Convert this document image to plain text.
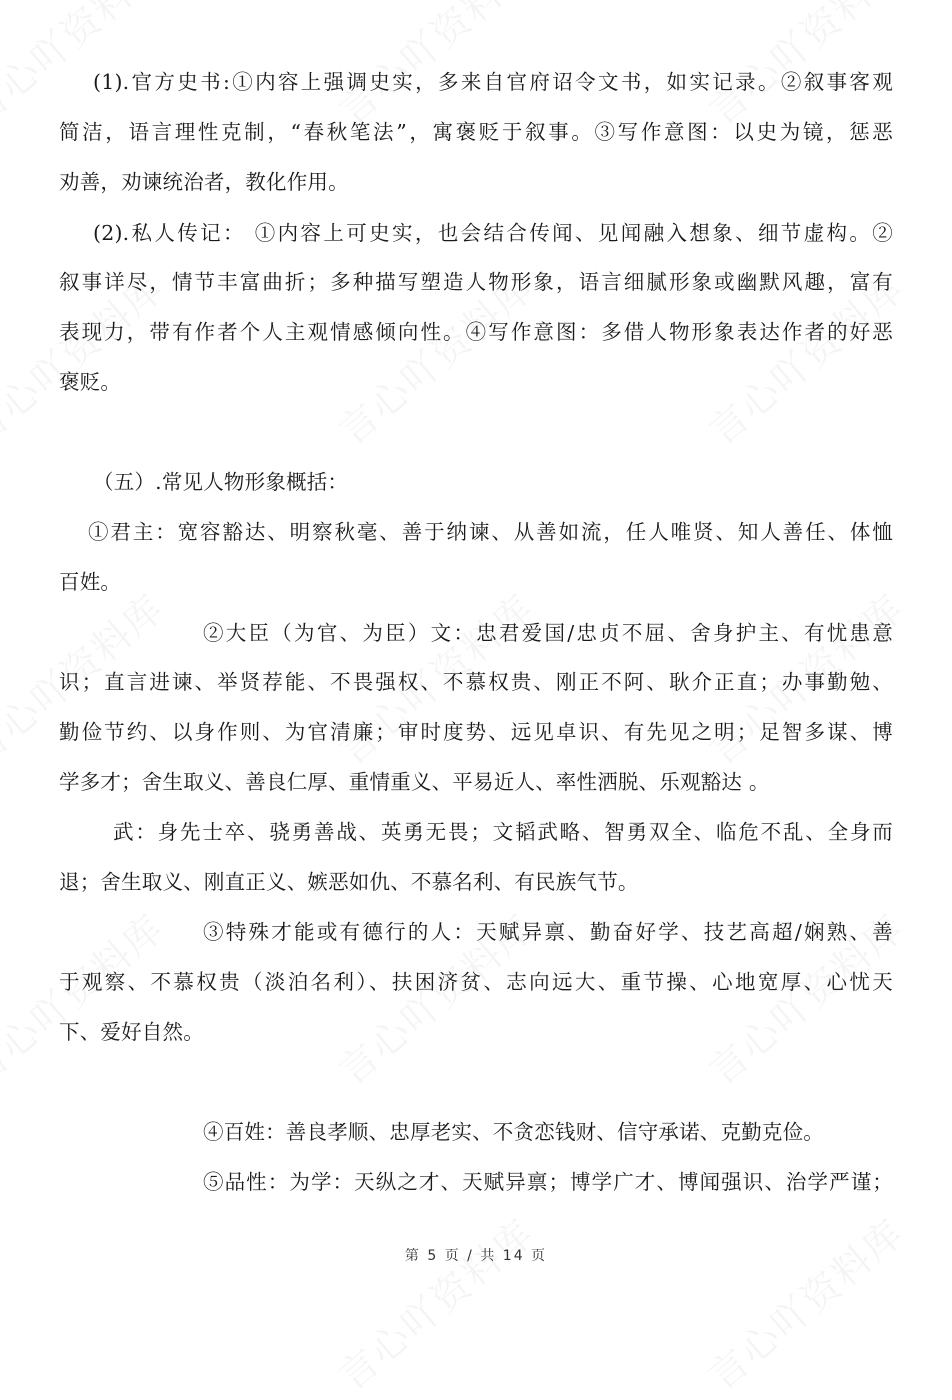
(1).官方史书:①内容上强调史实，多来自官府诏令文书，如实记录。②叙事客观
简洁，语言理性克制，“春秋笔法”，寓褒贬于叙事。③写作意图：以史为镜，惩恶
劝善，劝谏统治者，教化作用。
(2).私人传记： ①内容上可史实，也会结合传闻、见闻融入想象、细节虚构。②
叙事详尽，情节丰富曲折；多种描写塑造人物形象，语言细腻形象或幽默风趣，富有
表现力，带有作者个人主观情感倾向性。④写作意图：多借人物形象表达作者的好恶
褒贬。
（五）.常见人物形象概括：
①君主：宽容豁达、明察秋毫、善于纳谏、从善如流，任人唯贤、知人善任、体恤
百姓。
②大臣（为官、为臣）文：忠君爱国/忠贞不屈、舍身护主、有忧患意
识；直言进谏、举贤荐能、不畏强权、不慕权贵、刚正不阿、耿介正直；办事勤勉、
勤俭节约、以身作则、为官清廉；审时度势、远见卓识、有先见之明；足智多谋、博
学多才；舍生取义、善良仁厚、重情重义、平易近人、率性洒脱、乐观豁达 。
武：身先士卒、骁勇善战、英勇无畏；文韬武略、智勇双全、临危不乱、全身而
退；舍生取义、刚直正义、嫉恶如仇、不慕名利、有民族气节。
③特殊才能或有德行的人：天赋异禀、勤奋好学、技艺高超/娴熟、善
于观察、不慕权贵（淡泊名利）、扶困济贫、志向远大、重节操、心地宽厚、心忧天
下、爱好自然。
④百姓：善良孝顺、忠厚老实、不贪恋钱财、信守承诺、克勤克俭。
⑤品性：为学：天纵之才、天赋异禀；博学广才、博闻强识、治学严谨；
第 5 页 / 共 14 页
